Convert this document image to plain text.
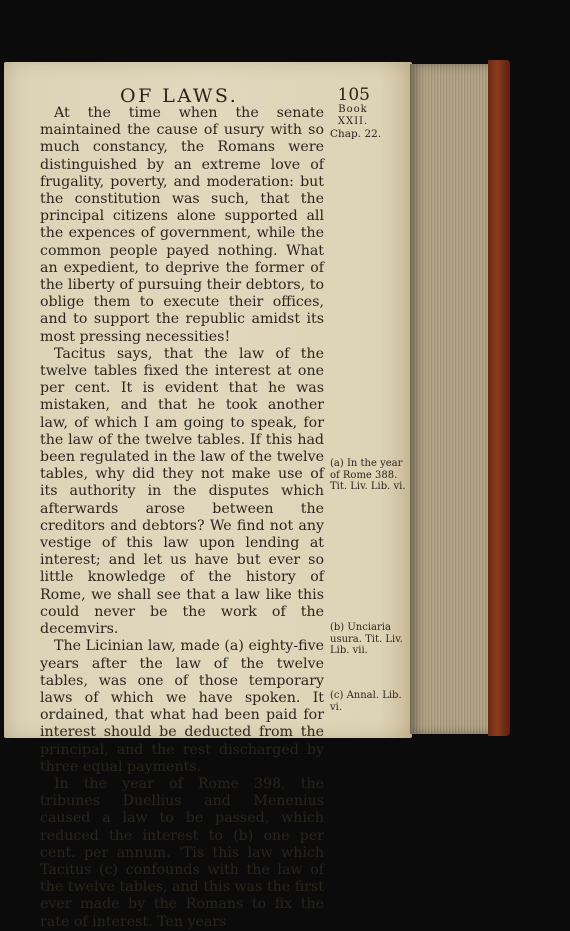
OF LAWS.	105
Book XXII.
Chap. 22.

At the time when the senate maintained the cause of usury with so much constancy, the Romans were distinguished by an extreme love of frugality, poverty, and moderation: but the constitution was such, that the principal citizens alone supported all the expences of government, while the common people payed nothing. What an expedient, to deprive the former of the liberty of pursuing their debtors, to oblige them to execute their offices, and to support the republic amidst its most pressing necessities!

Tacitus says, that the law of the twelve tables fixed the interest at one per cent. It is evident that he was mistaken, and that he took another law, of which I am going to speak, for the law of the twelve tables. If this had been regulated in the law of the twelve tables, why did they not make use of its authority in the disputes which afterwards arose between the creditors and debtors? We find not any vestige of this law upon lending at interest; and let us have but ever so little knowledge of the history of Rome, we shall see that a law like this could never be the work of the decemvirs.

The Licinian law, made (a) eighty-five years after the law of the twelve tables, was one of those temporary laws of which we have spoken. It ordained, that what had been paid for interest should be deducted from the principal, and the rest discharged by three equal payments.

In the year of Rome 398, the tribunes Duellius and Menenius caused a law to be passed, which reduced the interest to (b) one per cent. per annum. 'Tis this law which Tacitus (c) confounds with the law of the twelve tables, and this was the first ever made by the Romans to fix the rate of interest. Ten years

(a) In the year of Rome 388. Tit. Liv. Lib. vi.
(b) Unciaria usura. Tit. Liv. Lib. vii.
(c) Annal. Lib. vi.
